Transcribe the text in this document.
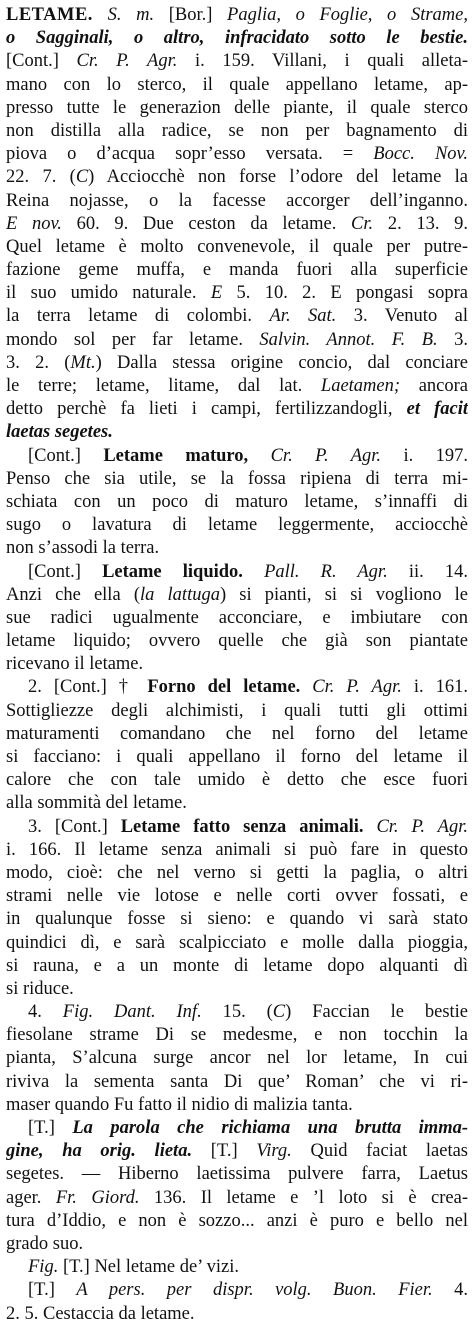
LETAME. S. m. [Bor.] Paglia, o Foglie, o Strame,
o Sagginali, o altro, infracidato sotto le bestie.
[Cont.] Cr. P. Agr. i. 159. Villani, i quali alleta-
mano con lo sterco, il quale appellano letame, ap-
presso tutte le generazion delle piante, il quale sterco
non distilla alla radice, se non per bagnamento di
piova o d’acqua sopr’esso versata. = Bocc. Nov.
22. 7. (C) Acciocchè non forse l’odore del letame la
Reina nojasse, o la facesse accorger dell’inganno.
E nov. 60. 9. Due ceston da letame. Cr. 2. 13. 9.
Quel letame è molto convenevole, il quale per putre-
fazione geme muffa, e manda fuori alla superficie
il suo umido naturale. E 5. 10. 2. E pongasi sopra
la terra letame di colombi. Ar. Sat. 3. Venuto al
mondo sol per far letame. Salvin. Annot. F. B. 3.
3. 2. (Mt.) Dalla stessa origine concio, dal conciare
le terre; letame, litame, dal lat. Laetamen; ancora
detto perchè fa lieti i campi, fertilizzandogli, et facit
laetas segetes.
[Cont.] Letame maturo, Cr. P. Agr. i. 197.
Penso che sia utile, se la fossa ripiena di terra mi-
schiata con un poco di maturo letame, s’innaffi di
sugo o lavatura di letame leggermente, acciocchè
non s’assodi la terra.
[Cont.] Letame liquido. Pall. R. Agr. ii. 14.
Anzi che ella (la lattuga) si pianti, si si vogliono le
sue radici ugualmente acconciare, e imbiutare con
letame liquido; ovvero quelle che già son piantate
ricevano il letame.
2. [Cont.] † Forno del letame. Cr. P. Agr. i. 161.
Sottigliezze degli alchimisti, i quali tutti gli ottimi
maturamenti comandano che nel forno del letame
si facciano: i quali appellano il forno del letame il
calore che con tale umido è detto che esce fuori
alla sommità del letame.
3. [Cont.] Letame fatto senza animali. Cr. P. Agr.
i. 166. Il letame senza animali si può fare in questo
modo, cioè: che nel verno si getti la paglia, o altri
strami nelle vie lotose e nelle corti ovver fossati, e
in qualunque fosse si sieno: e quando vi sarà stato
quindici dì, e sarà scalpicciato e molle dalla pioggia,
si rauna, e a un monte di letame dopo alquanti dì
si riduce.
4. Fig. Dant. Inf. 15. (C) Faccian le bestie
fiesolane strame Di se medesme, e non tocchin la
pianta, S’alcuna surge ancor nel lor letame, In cui
riviva la sementa santa Di que’ Roman’ che vi ri-
maser quando Fu fatto il nidio di malizia tanta.
[T.] La parola che richiama una brutta imma-
gine, ha orig. lieta. [T.] Virg. Quid faciat laetas
segetes. — Hiberno laetissima pulvere farra, Laetus
ager. Fr. Giord. 136. Il letame e ’l loto si è crea-
tura d’Iddio, e non è sozzo... anzi è puro e bello nel
grado suo.
Fig. [T.] Nel letame de’ vizi.
[T.] A pers. per dispr. volg. Buon. Fier. 4.
2. 5. Cestaccia da letame.
